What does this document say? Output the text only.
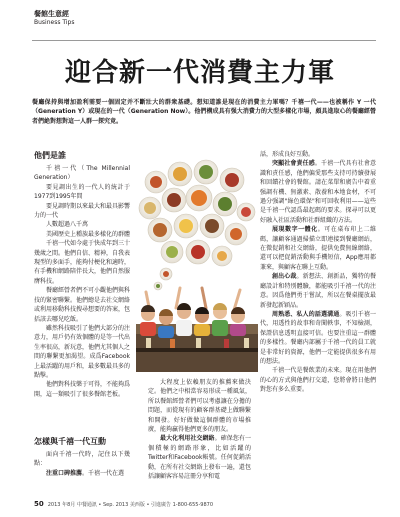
餐館生意經
Business Tips
迎合新一代消費主力軍
餐廳保持與增加盈利需要一個固定并不斷壯大的群衆基礎。想知道誰是現在的消費主力軍嗎？千禧一代——也被稱作 Y 一代（Generation Y）或現在的一代（Generation Now）。他們構成具有强大消費力的大型多樣化市場，頗具進取心的餐廳經營者們絶對想對這一人群一探究竟。
他們是誰

千禧一代（The Millennial Generation）

要見調出生的一代人的統計于1977到1995年間

要見調時期以來最大和最具影響力的一代

人數超過八千萬

美國歷史上種族最多樣化的群體

千禧一代如今處于快成年到三十幾歲之間。他們自信、精神，自我表現型的多面手，能夠付梗化和適時，有手機和網路陪伴長大，他們自然服膺科技。

餐廳經營者們不可小觀他們與科技的緊密聯繫。他們總是去社交網絡或利用移動科技搜尋想要的答案，包括該去哪兒吃飯。

雖然科技吸引了他們大部分的注意力，用戶仍有效個體的是等一代出生率很高，新玩意，他們尤其個人之間的聯繫更加渴望。成爲Facebook上最活躍的用戶和，最多數最具多的點擊。

他們對科技樂于可得，不能夠爲開，這一類吸引了很多餐館老板。

怎樣與千禧一代互動

面向千禧一代時，記住以下幾點：

注重口碑推薦。千禧一代在選

大程度上依賴朋友的推薦來做決定。他們之中相當容易形成一種風氣，所以餐館經營者們可以考慮讓在分擔的問題，而從現有的顧客群基礎上做聯繫和開發。好好做做這個群體的市場推廣，能夠贏得他們更多的朋友。

最大化利用社交網絡。確保您有一個積極的網路形象，比如活躍的Twitter和Facebook帳號。任何促銷活動，在所有社交網絡上發布一遍，還包括讓顧客容易註冊分享和電

話，形成良好互動。

突顯社會責任感。千禧一代具有社會意識和責任感，他們偏愛那些支持可持續發展和回饋社會的餐館。請在菜單和廣告中着重强調有機、無激素、散養和本地食材，不可過分强調"綠色環保"和可回收利用——這些是千禧一代認爲最起碼的要求。探尋可以更好融入社區活動和社群組織的方法。

展現數字一體化。可在桌布印上二維碼，讓顧客通過掃描立即連接到餐廳網站，在微促銷和社交網絡，提供免費無線網絡，還可以把促銷活動與手機短信，App應用都兼來，與顧客在聯上互動。

創出心裁。新想法、創新品，獨特的餐廳設計和特別體驗，都能吸引千禧一代的注意。因爲他們勇于嘗試，所以在餐桌擺放最新發起新穎品。

周熟悉、私人的話選溝通。吸引千禧一代，用透性的故事和奇聞軼事，不知檢測，保證信息透明直接可信。也要注重這一群體的多樣性。餐廳内部屬于千禧一代的員工就是非常好的資源，他們一定能提供很多有用的想法。

千禧一代是餐飲業的未來。現在用他們的心的方式與他們打交道，您將會將日他們對您有多么重要。

50 2013 年8月 中餐通訊 • Sep. 2013 美西版 • 引進廣告 1-800-655-9870
